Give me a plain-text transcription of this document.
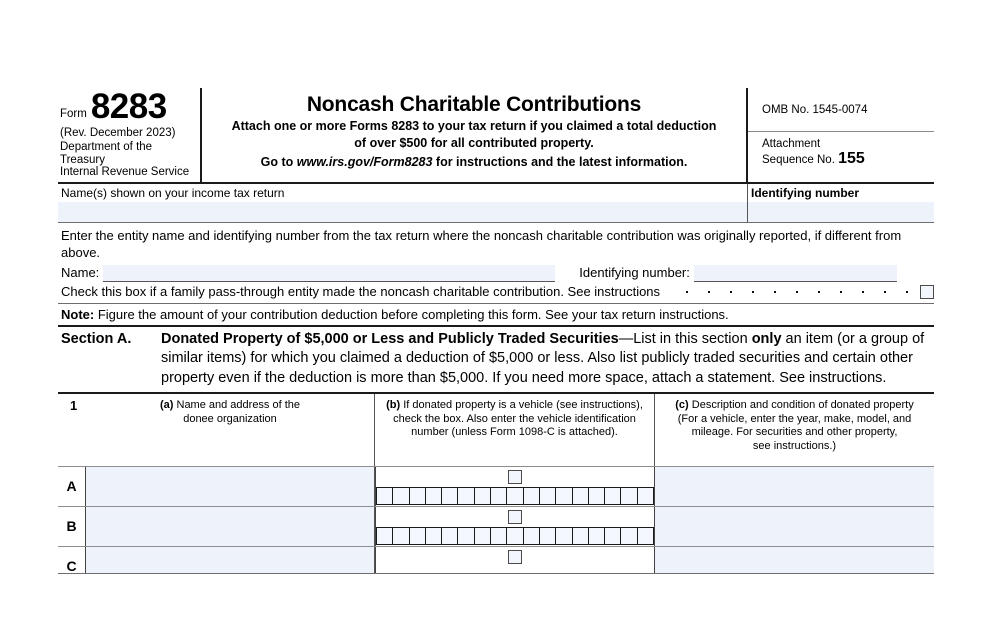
Form 8283
(Rev. December 2023)
Department of the Treasury
Internal Revenue Service
Noncash Charitable Contributions
Attach one or more Forms 8283 to your tax return if you claimed a total deduction
of over $500 for all contributed property.
Go to www.irs.gov/Form8283 for instructions and the latest information.
OMB No. 1545-0074
Attachment
Sequence No. 155
Name(s) shown on your income tax return	Identifying number
Enter the entity name and identifying number from the tax return where the noncash charitable contribution was originally reported, if different from above.
Name:	Identifying number:
Check this box if a family pass-through entity made the noncash charitable contribution. See instructions
Note: Figure the amount of your contribution deduction before completing this form. See your tax return instructions.
Section A.	Donated Property of $5,000 or Less and Publicly Traded Securities—List in this section only an item (or a group of similar items) for which you claimed a deduction of $5,000 or less. Also list publicly traded securities and certain other property even if the deduction is more than $5,000. If you need more space, attach a statement. See instructions.
1	(a) Name and address of the
donee organization
(b) If donated property is a vehicle (see instructions),
check the box. Also enter the vehicle identification
number (unless Form 1098-C is attached).
(c) Description and condition of donated property
(For a vehicle, enter the year, make, model, and
mileage. For securities and other property,
see instructions.)
A
B
C
